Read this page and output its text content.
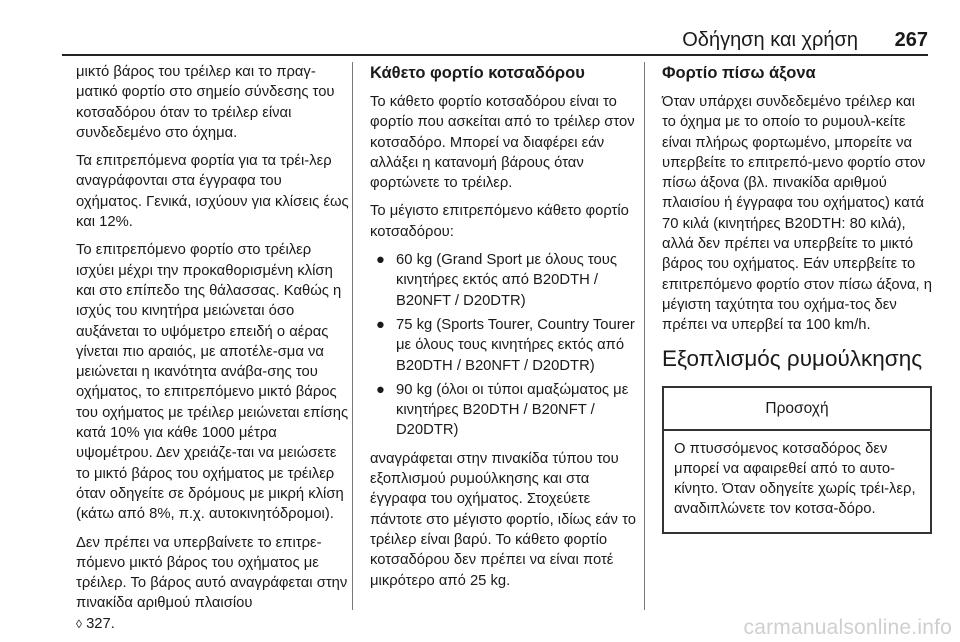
Οδήγηση και χρήση 267

μικτό βάρος του τρέιλερ και το πραγ‐ματικό φορτίο στο σημείο σύνδεσης του κοτσαδόρου όταν το τρέιλερ είναι συνδεδεμένο στο όχημα.

Τα επιτρεπόμενα φορτία για τα τρέι‐λερ αναγράφονται στα έγγραφα του οχήματος. Γενικά, ισχύουν για κλίσεις έως και 12%.

Το επιτρεπόμενο φορτίο στο τρέιλερ ισχύει μέχρι την προκαθορισμένη κλίση και στο επίπεδο της θάλασσας. Καθώς η ισχύς του κινητήρα μειώνεται όσο αυξάνεται το υψόμετρο επειδή ο αέρας γίνεται πιο αραιός, με αποτέλε‐σμα να μειώνεται η ικανότητα ανάβα‐σης του οχήματος, το επιτρεπόμενο μικτό βάρος του οχήματος με τρέιλερ μειώνεται επίσης κατά 10% για κάθε 1000 μέτρα υψομέτρου. Δεν χρειάζε‐ται να μειώσετε το μικτό βάρος του οχήματος με τρέιλερ όταν οδηγείτε σε δρόμους με μικρή κλίση (κάτω από 8%, π.χ. αυτοκινητόδρομοι).

Δεν πρέπει να υπερβαίνετε το επιτρε‐πόμενο μικτό βάρος του οχήματος με τρέιλερ. Το βάρος αυτό αναγράφεται στην πινακίδα αριθμού πλαισίου
◊ 327.

Κάθετο φορτίο κοτσαδόρου

Το κάθετο φορτίο κοτσαδόρου είναι το φορτίο που ασκείται από το τρέιλερ στον κοτσαδόρο. Μπορεί να διαφέρει εάν αλλάξει η κατανομή βάρους όταν φορτώνετε το τρέιλερ.

Το μέγιστο επιτρεπόμενο κάθετο φορτίο κοτσαδόρου:

● 60 kg (Grand Sport με όλους τους κινητήρες εκτός από B20DTH / B20NFT / D20DTR)
● 75 kg (Sports Tourer, Country Tourer με όλους τους κινητήρες εκτός από B20DTH / B20NFT / D20DTR)
● 90 kg (όλοι οι τύποι αμαξώματος με κινητήρες B20DTH / B20NFT / D20DTR)

αναγράφεται στην πινακίδα τύπου του εξοπλισμού ρυμούλκησης και στα έγγραφα του οχήματος. Στοχεύετε πάντοτε στο μέγιστο φορτίο, ιδίως εάν το τρέιλερ είναι βαρύ. Το κάθετο φορτίο κοτσαδόρου δεν πρέπει να είναι ποτέ μικρότερο από 25 kg.

Φορτίο πίσω άξονα

Όταν υπάρχει συνδεδεμένο τρέιλερ και το όχημα με το οποίο το ρυμουλ‐κείτε είναι πλήρως φορτωμένο, μπορείτε να υπερβείτε το επιτρεπό‐μενο φορτίο στον πίσω άξονα (βλ. πινακίδα αριθμού πλαισίου ή έγγραφα του οχήματος) κατά 70 κιλά (κινητήρες B20DTH: 80 κιλά), αλλά δεν πρέπει να υπερβείτε το μικτό βάρος του οχήματος. Εάν υπερβείτε το επιτρεπόμενο φορτίο στον πίσω άξονα, η μέγιστη ταχύτητα του οχήμα‐τος δεν πρέπει να υπερβεί τα 100 km/h.

Εξοπλισμός ρυμούλκησης
Προσοχή
Ο πτυσσόμενος κοτσαδόρος δεν μπορεί να αφαιρεθεί από το αυτο‐κίνητο. Όταν οδηγείτε χωρίς τρέι‐λερ, αναδιπλώνετε τον κοτσα‐δόρο.
carmanualsonline.info
